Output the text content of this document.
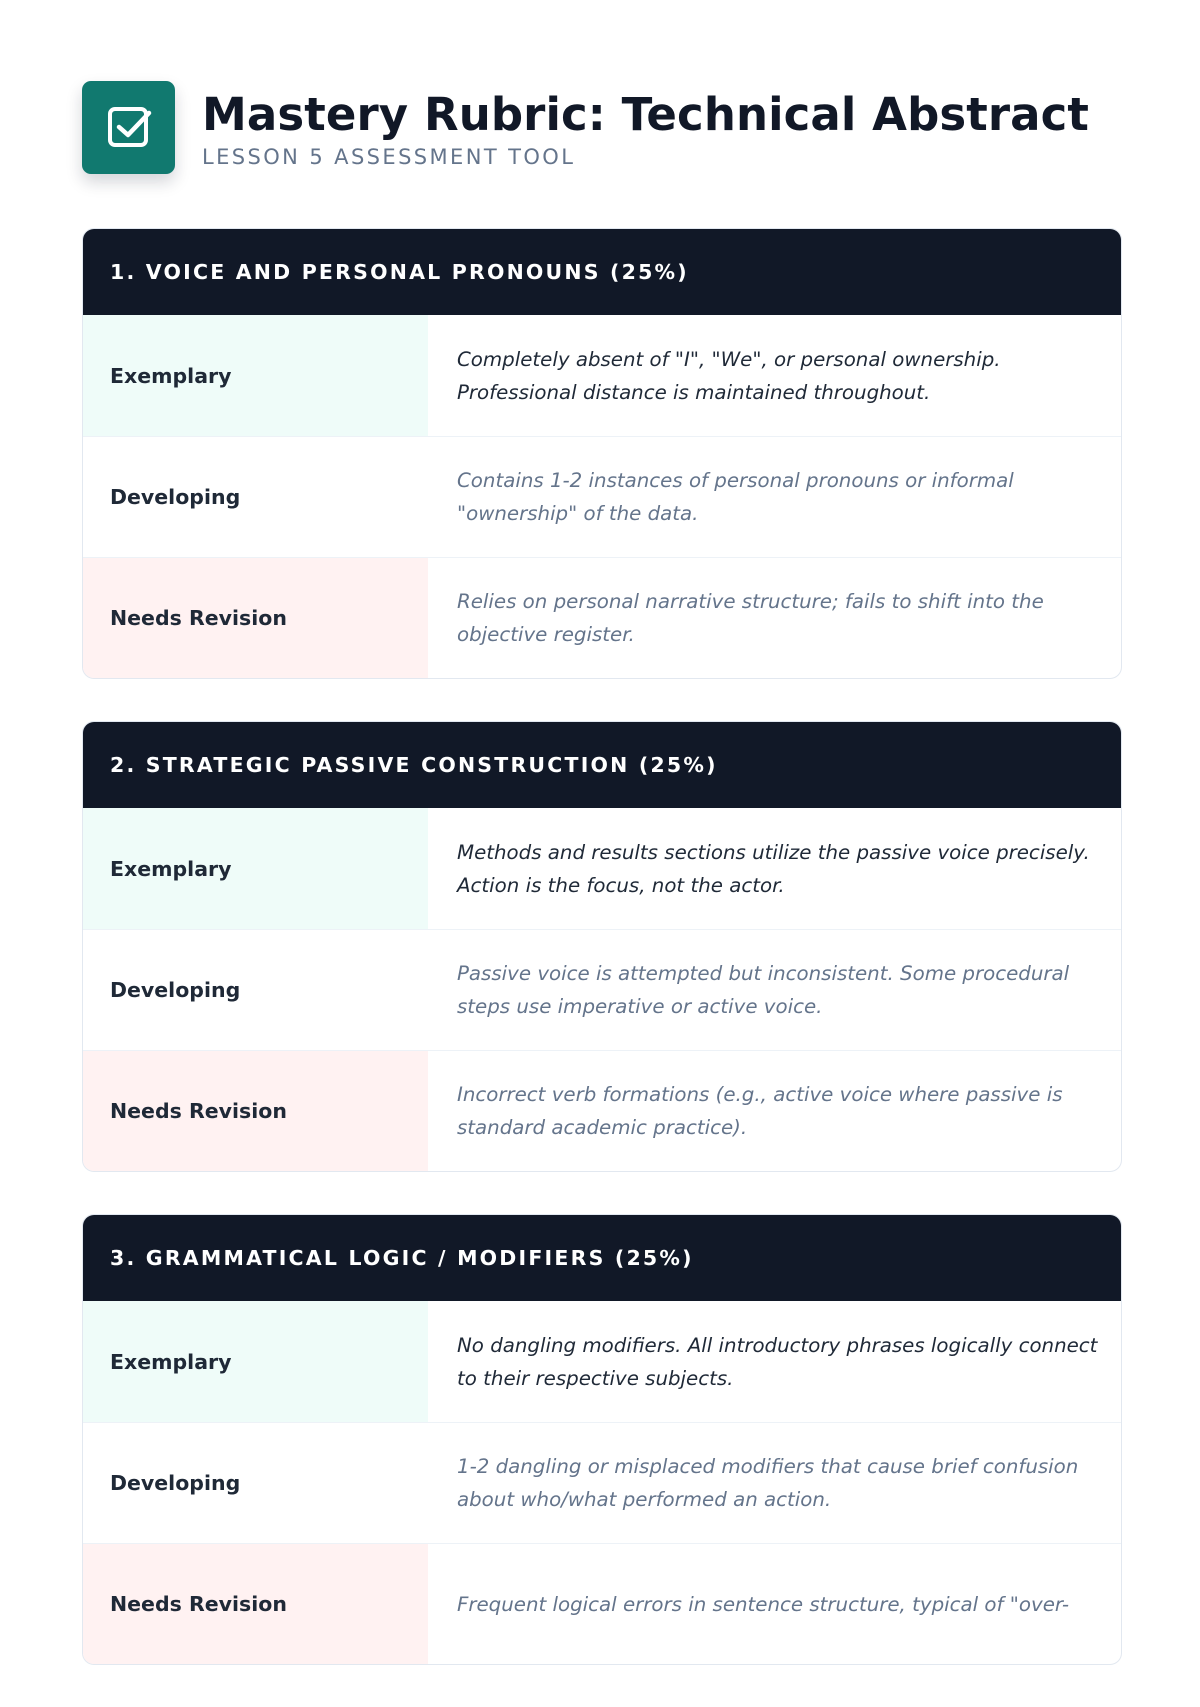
Mastery Rubric: Technical Abstract
LESSON 5 ASSESSMENT TOOL
1. VOICE AND PERSONAL PRONOUNS (25%)
Exemplary
Completely absent of "I", "We", or personal ownership. Professional distance is maintained throughout.
Developing
Contains 1-2 instances of personal pronouns or informal "ownership" of the data.
Needs Revision
Relies on personal narrative structure; fails to shift into the objective register.
2. STRATEGIC PASSIVE CONSTRUCTION (25%)
Exemplary
Methods and results sections utilize the passive voice precisely. Action is the focus, not the actor.
Developing
Passive voice is attempted but inconsistent. Some procedural steps use imperative or active voice.
Needs Revision
Incorrect verb formations (e.g., active voice where passive is standard academic practice).
3. GRAMMATICAL LOGIC / MODIFIERS (25%)
Exemplary
No dangling modifiers. All introductory phrases logically connect to their respective subjects.
Developing
1-2 dangling or misplaced modifiers that cause brief confusion about who/what performed an action.
Needs Revision	Frequent logical errors in sentence structure, typical of "over-
